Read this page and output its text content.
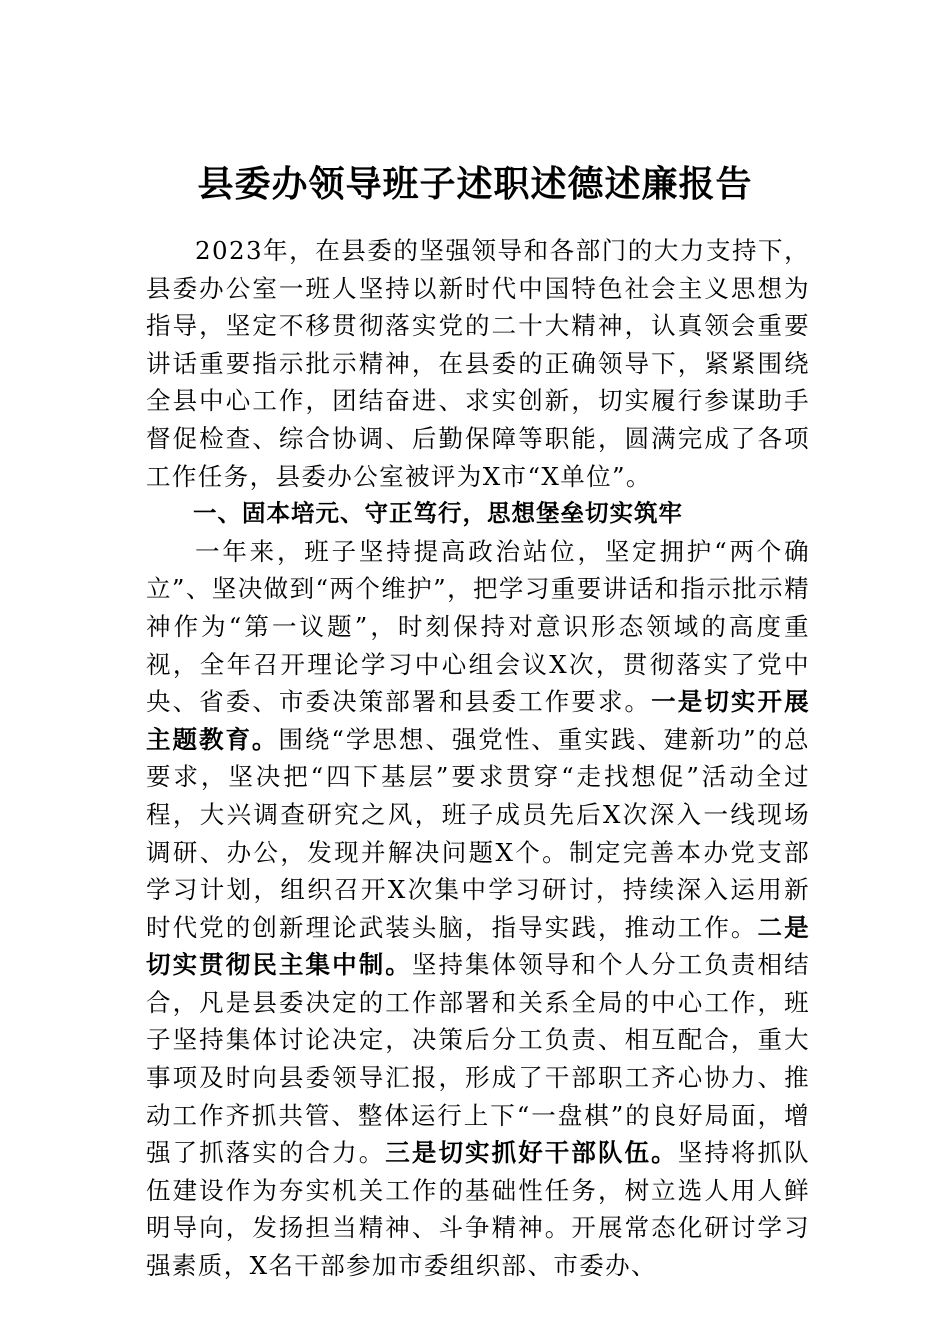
县委办领导班子述职述德述廉报告

2023年，在县委的坚强领导和各部门的大力支持下，县委办公室一班人坚持以新时代中国特色社会主义思想为指导，坚定不移贯彻落实党的二十大精神，认真领会重要讲话重要指示批示精神，在县委的正确领导下，紧紧围绕全县中心工作，团结奋进、求实创新，切实履行参谋助手督促检查、综合协调、后勤保障等职能，圆满完成了各项工作任务，县委办公室被评为X市“X单位”。

一、固本培元、守正笃行，思想堡垒切实筑牢

一年来，班子坚持提高政治站位，坚定拥护“两个确立”、坚决做到“两个维护”，把学习重要讲话和指示批示精神作为“第一议题”，时刻保持对意识形态领域的高度重视，全年召开理论学习中心组会议X次，贯彻落实了党中央、省委、市委决策部署和县委工作要求。一是切实开展主题教育。围绕“学思想、强党性、重实践、建新功”的总要求，坚决把“四下基层”要求贯穿“走找想促”活动全过程，大兴调查研究之风，班子成员先后X次深入一线现场调研、办公，发现并解决问题X个。制定完善本办党支部学习计划，组织召开X次集中学习研讨，持续深入运用新时代党的创新理论武装头脑，指导实践，推动工作。二是切实贯彻民主集中制。坚持集体领导和个人分工负责相结合，凡是县委决定的工作部署和关系全局的中心工作，班子坚持集体讨论决定，决策后分工负责、相互配合，重大事项及时向县委领导汇报，形成了干部职工齐心协力、推动工作齐抓共管、整体运行上下“一盘棋”的良好局面，增强了抓落实的合力。三是切实抓好干部队伍。坚持将抓队伍建设作为夯实机关工作的基础性任务，树立选人用人鲜明导向，发扬担当精神、斗争精神。开展常态化研讨学习强素质，X名干部参加市委组织部、市委办、
